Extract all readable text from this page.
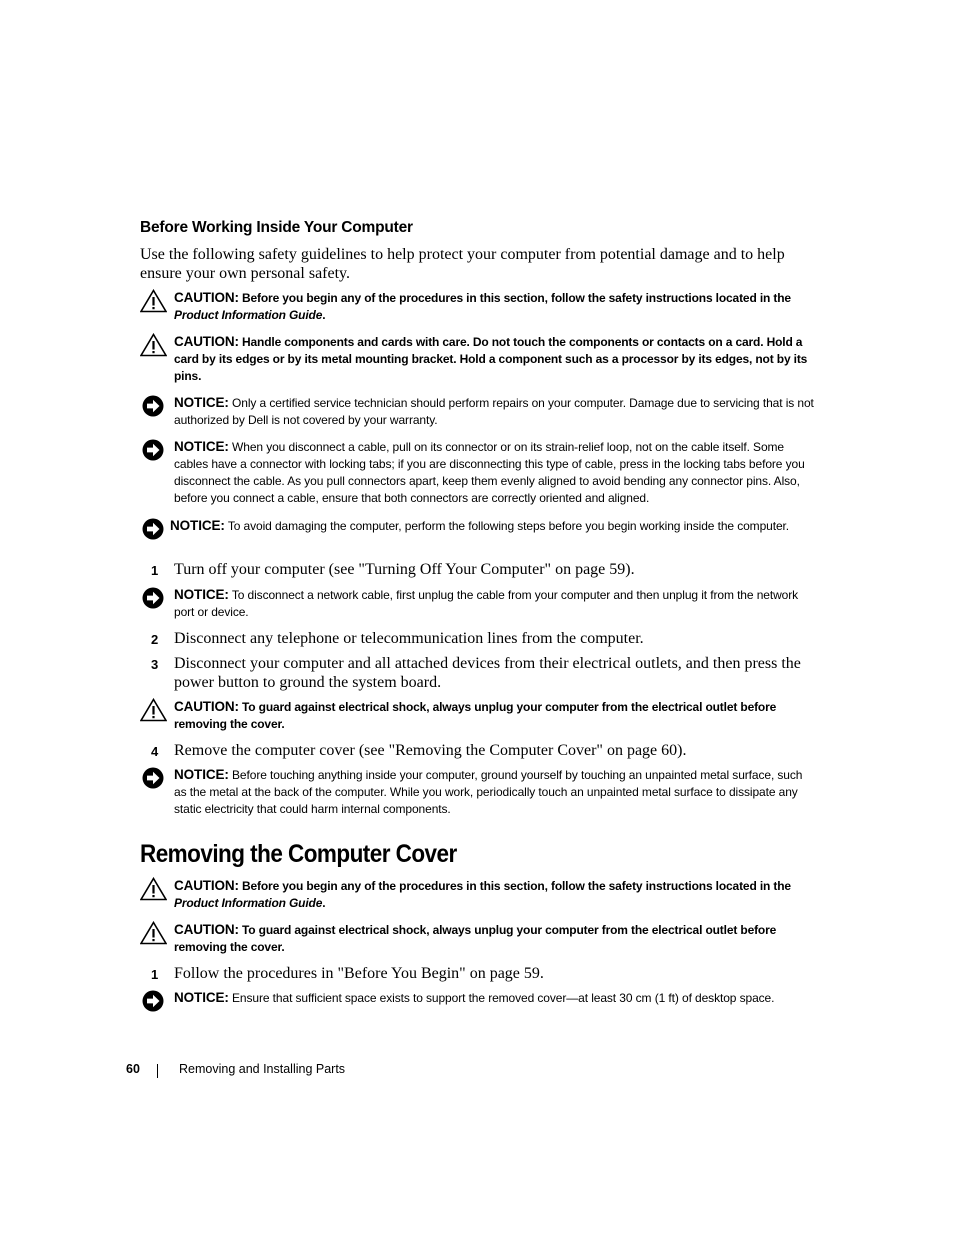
Before Working Inside Your Computer
Use the following safety guidelines to help protect your computer from potential damage and to help ensure your own personal safety.
CAUTION: Before you begin any of the procedures in this section, follow the safety instructions located in the Product Information Guide.
CAUTION: Handle components and cards with care. Do not touch the components or contacts on a card. Hold a card by its edges or by its metal mounting bracket. Hold a component such as a processor by its edges, not by its pins.
NOTICE: Only a certified service technician should perform repairs on your computer. Damage due to servicing that is not authorized by Dell is not covered by your warranty.
NOTICE: When you disconnect a cable, pull on its connector or on its strain-relief loop, not on the cable itself. Some cables have a connector with locking tabs; if you are disconnecting this type of cable, press in the locking tabs before you disconnect the cable. As you pull connectors apart, keep them evenly aligned to avoid bending any connector pins. Also, before you connect a cable, ensure that both connectors are correctly oriented and aligned.
NOTICE: To avoid damaging the computer, perform the following steps before you begin working inside the computer.
1 Turn off your computer (see "Turning Off Your Computer" on page 59).
NOTICE: To disconnect a network cable, first unplug the cable from your computer and then unplug it from the network port or device.
2 Disconnect any telephone or telecommunication lines from the computer.
3 Disconnect your computer and all attached devices from their electrical outlets, and then press the power button to ground the system board.
CAUTION: To guard against electrical shock, always unplug your computer from the electrical outlet before removing the cover.
4 Remove the computer cover (see "Removing the Computer Cover" on page 60).
NOTICE: Before touching anything inside your computer, ground yourself by touching an unpainted metal surface, such as the metal at the back of the computer. While you work, periodically touch an unpainted metal surface to dissipate any static electricity that could harm internal components.
Removing the Computer Cover
CAUTION: Before you begin any of the procedures in this section, follow the safety instructions located in the Product Information Guide.
CAUTION: To guard against electrical shock, always unplug your computer from the electrical outlet before removing the cover.
1 Follow the procedures in "Before You Begin" on page 59.
NOTICE: Ensure that sufficient space exists to support the removed cover—at least 30 cm (1 ft) of desktop space.
60	Removing and Installing Parts
